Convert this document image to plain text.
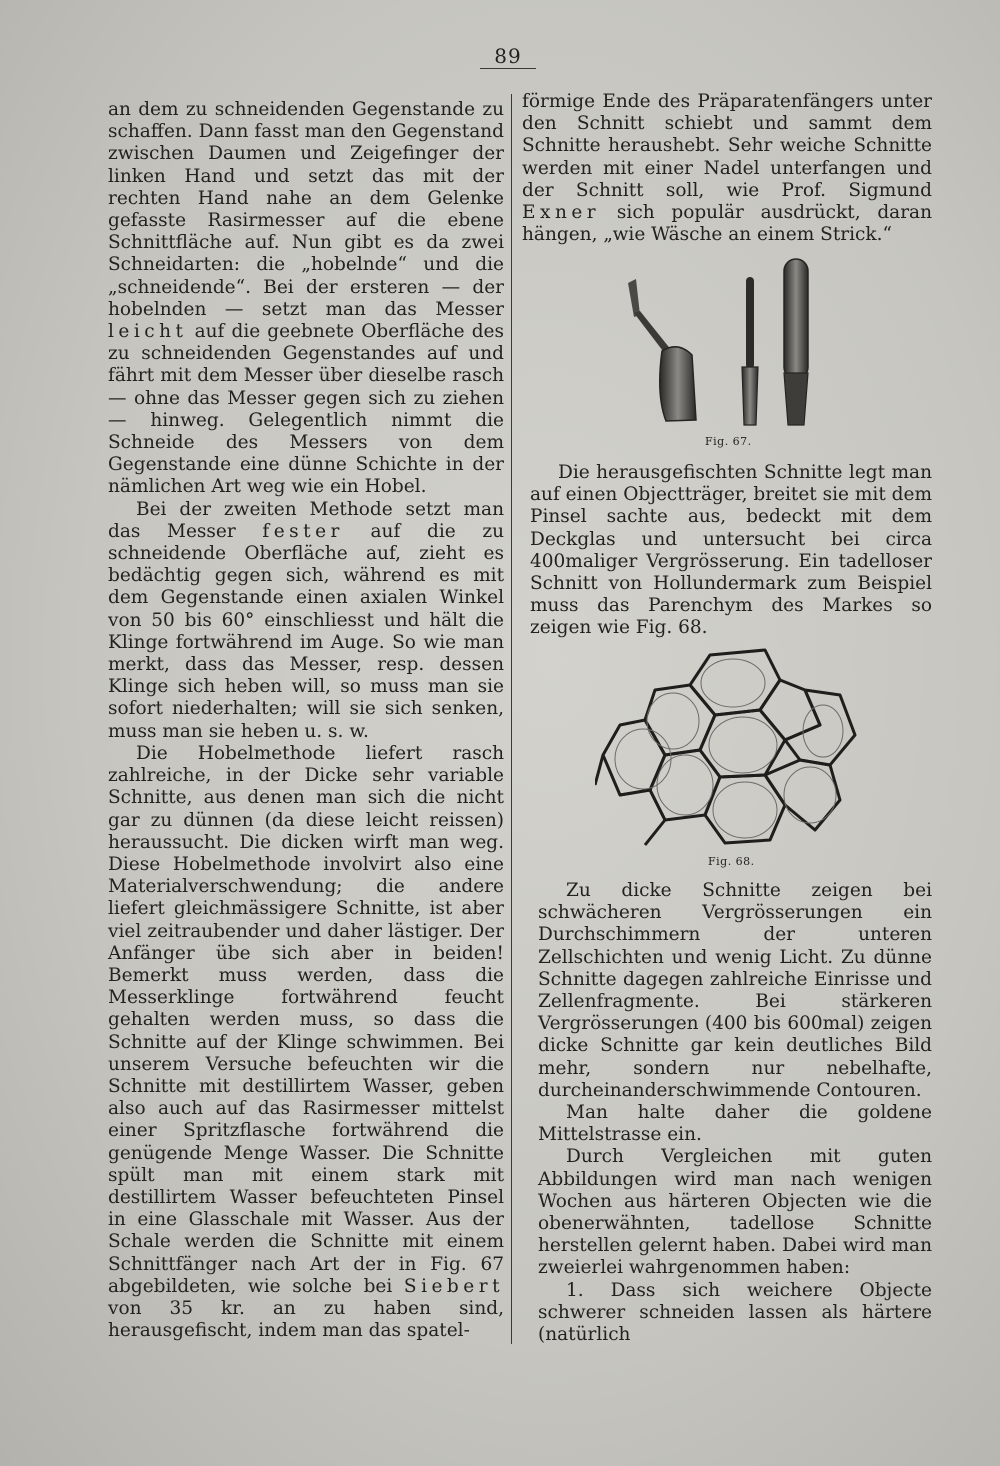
89

an dem zu schneidenden Gegenstande zu schaffen. Dann fasst man den Gegenstand zwischen Daumen und Zeigefinger der linken Hand und setzt das mit der rechten Hand nahe an dem Gelenke gefasste Rasirmesser auf die ebene Schnittfläche auf. Nun gibt es da zwei Schneidarten: die „hobelnde“ und die „schneidende“. Bei der ersteren — der hobelnden — setzt man das Messer leicht auf die geebnete Oberfläche des zu schneidenden Gegenstandes auf und fährt mit dem Messer über dieselbe rasch — ohne das Messer gegen sich zu ziehen — hinweg. Gelegentlich nimmt die Schneide des Messers von dem Gegenstande eine dünne Schichte in der nämlichen Art weg wie ein Hobel.

Bei der zweiten Methode setzt man das Messer fester auf die zu schneidende Oberfläche auf, zieht es bedächtig gegen sich, während es mit dem Gegenstande einen axialen Winkel von 50 bis 60° einschliesst und hält die Klinge fortwährend im Auge. So wie man merkt, dass das Messer, resp. dessen Klinge sich heben will, so muss man sie sofort niederhalten; will sie sich senken, muss man sie heben u. s. w.

Die Hobelmethode liefert rasch zahlreiche, in der Dicke sehr variable Schnitte, aus denen man sich die nicht gar zu dünnen (da diese leicht reissen) heraussucht. Die dicken wirft man weg. Diese Hobelmethode involvirt also eine Materialverschwendung; die andere liefert gleichmässigere Schnitte, ist aber viel zeitraubender und daher lästiger. Der Anfänger übe sich aber in beiden! Bemerkt muss werden, dass die Messerklinge fortwährend feucht gehalten werden muss, so dass die Schnitte auf der Klinge schwimmen. Bei unserem Versuche befeuchten wir die Schnitte mit destillirtem Wasser, geben also auch auf das Rasirmesser mittelst einer Spritzflasche fortwährend die genügende Menge Wasser. Die Schnitte spült man mit einem stark mit destillirtem Wasser befeuchteten Pinsel in eine Glasschale mit Wasser. Aus der Schale werden die Schnitte mit einem Schnittfänger nach Art der in Fig. 67 abgebildeten, wie solche bei Siebert von 35 kr. an zu haben sind, herausgefischt, indem man das spatel-

förmige Ende des Präparatenfängers unter den Schnitt schiebt und sammt dem Schnitte heraushebt. Sehr weiche Schnitte werden mit einer Nadel unterfangen und der Schnitt soll, wie Prof. Sigmund Exner sich populär ausdrückt, daran hängen, „wie Wäsche an einem Strick.“

Fig. 67.

Die herausgefischten Schnitte legt man auf einen Objectträger, breitet sie mit dem Pinsel sachte aus, bedeckt mit dem Deckglas und untersucht bei circa 400maliger Vergrösserung. Ein tadelloser Schnitt von Hollundermark zum Beispiel muss das Parenchym des Markes so zeigen wie Fig. 68.

Fig. 68.

Zu dicke Schnitte zeigen bei schwächeren Vergrösserungen ein Durchschimmern der unteren Zellschichten und wenig Licht. Zu dünne Schnitte dagegen zahlreiche Einrisse und Zellenfragmente. Bei stärkeren Vergrösserungen (400 bis 600mal) zeigen dicke Schnitte gar kein deutliches Bild mehr, sondern nur nebelhafte, durcheinanderschwimmende Contouren.

Man halte daher die goldene Mittelstrasse ein.

Durch Vergleichen mit guten Abbildungen wird man nach wenigen Wochen aus härteren Objecten wie die obenerwähnten, tadellose Schnitte herstellen gelernt haben. Dabei wird man zweierlei wahrgenommen haben:

1. Dass sich weichere Objecte schwerer schneiden lassen als härtere (natürlich
